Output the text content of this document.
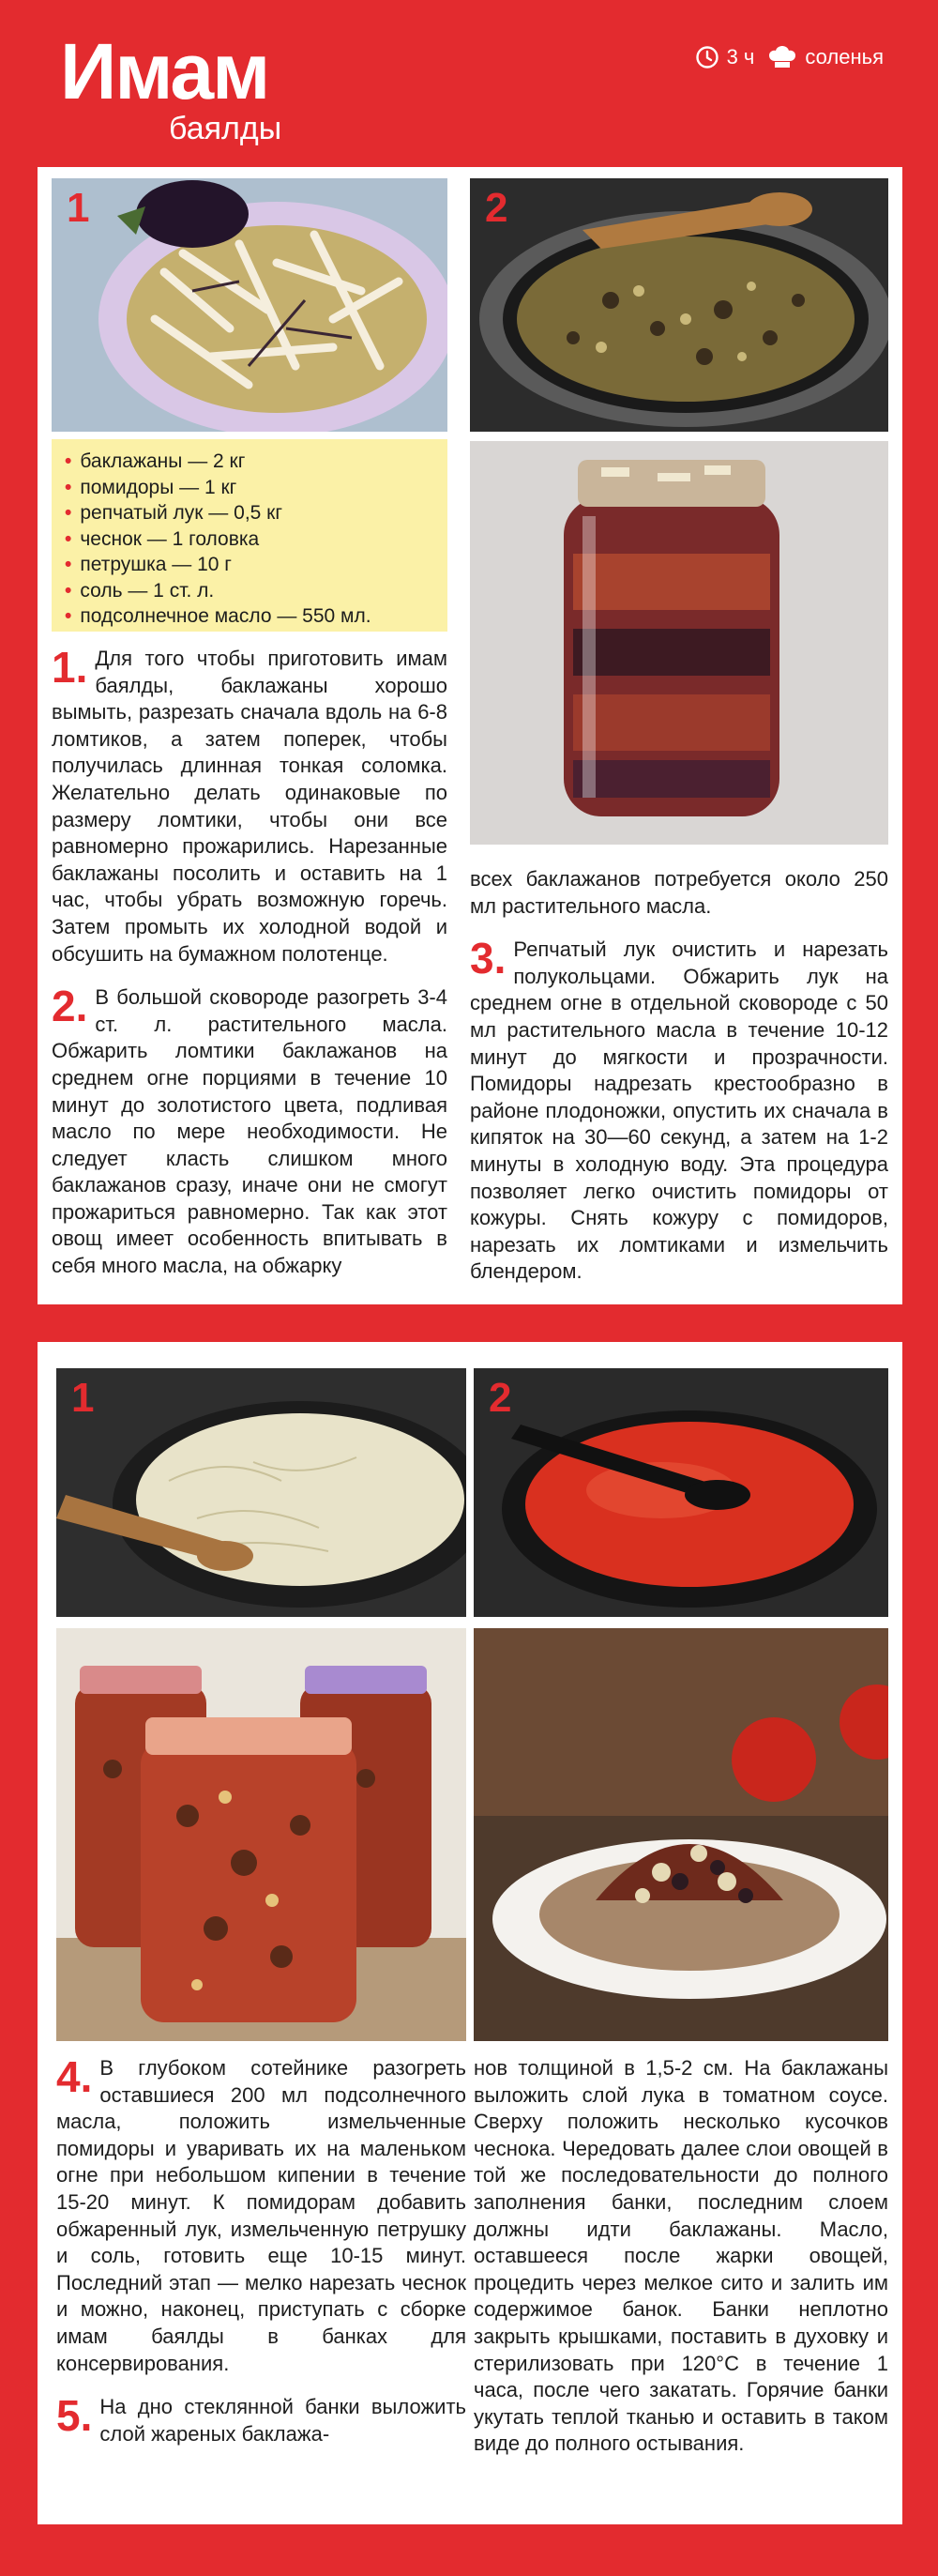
Имам
баялды
3 ч соленья
1	2
• баклажаны — 2 кг
• помидоры — 1 кг
• репчатый лук — 0,5 кг
• чеснок — 1 головка
• петрушка — 10 г
• соль — 1 ст. л.
• подсолнечное масло — 550 мл.
1. Для того чтобы приготовить имам баялды, баклажаны хорошо вымыть, разрезать сначала вдоль на 6-8 ломтиков, а затем поперек, чтобы получилась длинная тонкая соломка. Желательно делать одинаковые по размеру ломтики, чтобы они все равномерно прожарились. Нарезанные баклажаны посолить и оставить на 1 час, чтобы убрать возможную горечь. Затем промыть их холодной водой и обсушить на бумажном полотенце.
2. В большой сковороде разогреть 3-4 ст. л. растительного масла. Обжарить ломтики баклажанов на среднем огне порциями в течение 10 минут до золотистого цвета, подливая масло по мере необходимости. Не следует класть слишком много баклажанов сразу, иначе они не смогут прожариться равномерно. Так как этот овощ имеет особенность впитывать в себя много масла, на обжарку
всех баклажанов потребуется около 250 мл растительного масла.
3. Репчатый лук очистить и нарезать полукольцами. Обжарить лук на среднем огне в отдельной сковороде с 50 мл растительного масла в течение 10-12 минут до мягкости и прозрачности. Помидоры надрезать крестообразно в районе плодоножки, опустить их сначала в кипяток на 30—60 секунд, а затем на 1-2 минуты в холодную воду. Эта процедура позволяет легко очистить помидоры от кожуры. Снять кожуру с помидоров, нарезать их ломтиками и измельчить блендером.
1	2
4. В глубоком сотейнике разогреть оставшиеся 200 мл подсолнечного масла, положить измельченные помидоры и уваривать их на маленьком огне при небольшом кипении в течение 15-20 минут. К помидорам добавить обжаренный лук, измельченную петрушку и соль, готовить еще 10-15 минут. Последний этап — мелко нарезать чеснок и можно, наконец, приступать с сборке имам баялды в банках для консервирования.
5. На дно стеклянной банки выложить слой жареных баклажа-
нов толщиной в 1,5-2 см. На баклажаны выложить слой лука в томатном соусе. Сверху положить несколько кусочков чеснока. Чередовать далее слои овощей в той же последовательности до полного заполнения банки, последним слоем должны идти баклажаны. Масло, оставшееся после жарки овощей, процедить через мелкое сито и залить им содержимое банок. Банки неплотно закрыть крышками, поставить в духовку и стерилизовать при 120°С в течение 1 часа, после чего закатать. Горячие банки укутать теплой тканью и оставить в таком виде до полного остывания.
